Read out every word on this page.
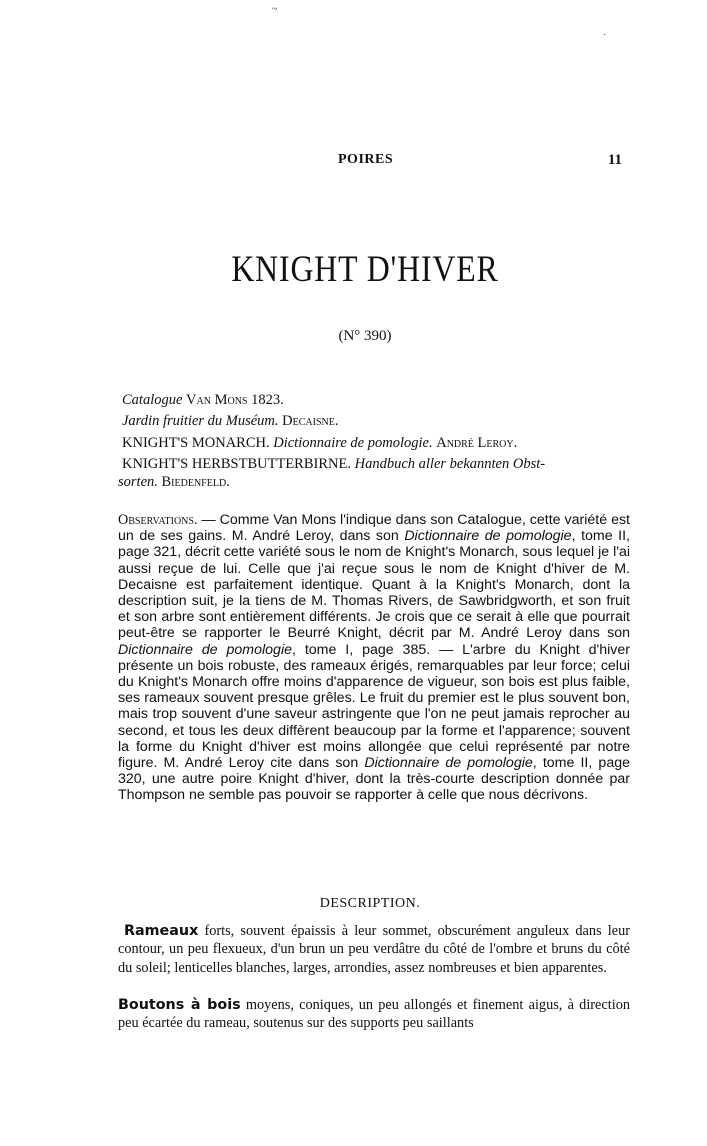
~
·
POIRES	11
KNIGHT D'HIVER
(N° 390)
Catalogue Van Mons 1823.
Jardin fruitier du Muséum. Decaisne.
KNIGHT'S MONARCH. Dictionnaire de pomologie. André Leroy.
KNIGHT'S HERBSTBUTTERBIRNE. Handbuch aller bekannten Obst-
sorten. Biedenfeld.
Observations. — Comme Van Mons l'indique dans son Catalogue, cette variété est un de ses gains. M. André Leroy, dans son Dictionnaire de pomologie, tome II, page 321, décrit cette variété sous le nom de Knight's Monarch, sous lequel je l'ai aussi reçue de lui. Celle que j'ai reçue sous le nom de Knight d'hiver de M. Decaisne est parfaitement identique. Quant à la Knight's Monarch, dont la description suit, je la tiens de M. Thomas Rivers, de Sawbridgworth, et son fruit et son arbre sont entièrement différents. Je crois que ce serait à elle que pourrait peut-être se rapporter le Beurré Knight, décrit par M. André Leroy dans son Dictionnaire de pomologie, tome I, page 385. — L'arbre du Knight d'hiver présente un bois robuste, des rameaux érigés, remarquables par leur force; celui du Knight's Monarch offre moins d'apparence de vigueur, son bois est plus faible, ses rameaux souvent presque grêles. Le fruit du premier est le plus souvent bon, mais trop souvent d'une saveur astringente que l'on ne peut jamais reprocher au second, et tous les deux diffèrent beaucoup par la forme et l'apparence; souvent la forme du Knight d'hiver est moins allongée que celui représenté par notre figure. M. André Leroy cite dans son Dictionnaire de pomologie, tome II, page 320, une autre poire Knight d'hiver, dont la très-courte description donnée par Thompson ne semble pas pouvoir se rapporter à celle que nous décrivons.
DESCRIPTION.
Rameaux forts, souvent épaissis à leur sommet, obscurément anguleux dans leur contour, un peu flexueux, d'un brun un peu verdâtre du côté de l'ombre et bruns du côté du soleil; lenticelles blanches, larges, arrondies, assez nombreuses et bien apparentes.
Boutons à bois moyens, coniques, un peu allongés et finement aigus, à direction peu écartée du rameau, soutenus sur des supports peu saillants
